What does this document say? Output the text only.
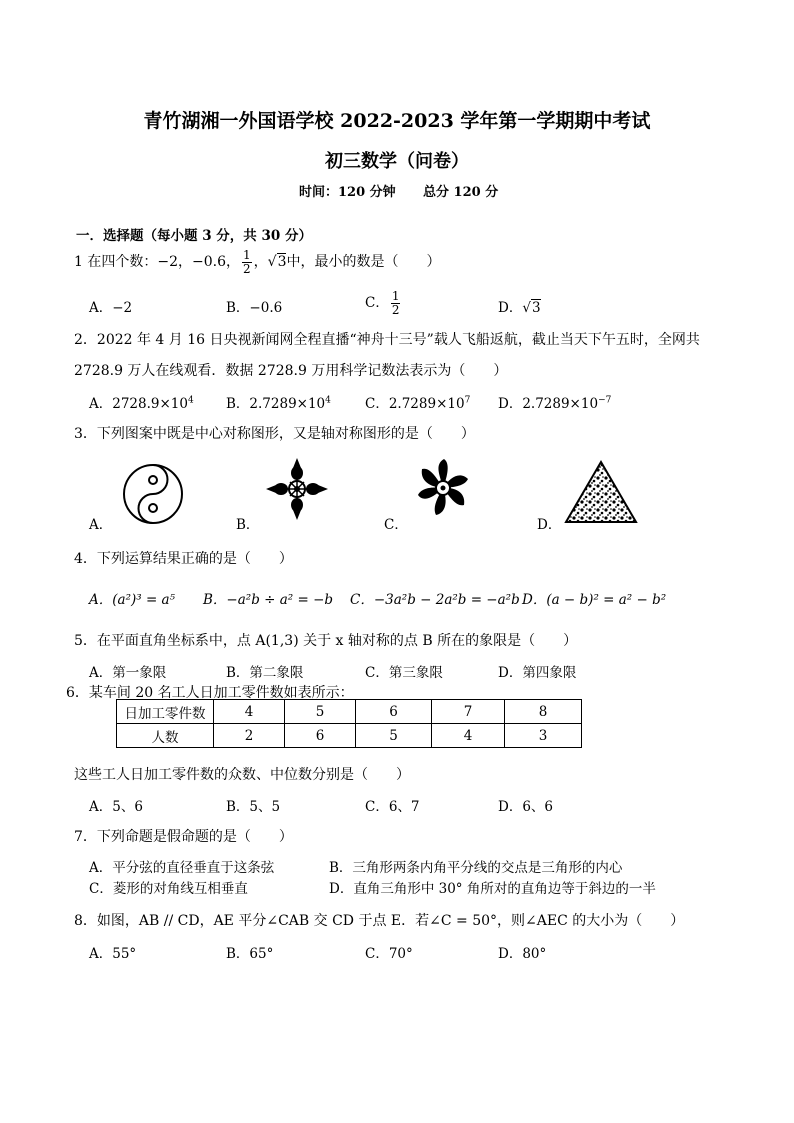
青竹湖湘一外国语学校 2022-2023 学年第一学期期中考试
初三数学（问卷）
时间：120 分钟 总分 120 分
一．选择题（每小题 3 分，共 30 分）
1 在四个数：−2，−0.6， $\frac{1}{2}$ ，√3中，最小的数是（　　）
A．−2	B．−0.6	C． $\frac{1}{2}$	D．√3
2．2022 年 4 月 16 日央视新闻网全程直播“神舟十三号”载人飞船返航，截止当天下午五时，全网共
2728.9 万人在线观看．数据 2728.9 万用科学记数法表示为（　　）
A．$2728.9\times 10^4$ B．$2.7289\times 10^4$	C．$2.7289\times 10^7$ D．$2.7289\times 10^{-7}$
3．下列图案中既是中心对称图形，又是轴对称图形的是（　　）
A．	B．	C．	D．
4．下列运算结果正确的是（　　）
A．(a²)³ = a⁵ B．−a²b ÷ a² = −b C．−3a²b − 2a²b = −a²b D．(a − b)² = a² − b²
5．在平面直角坐标系中，点 A(1,3) 关于 x 轴对称的点 B 所在的象限是（　　）
A．第一象限	B．第二象限	C．第三象限	D．第四象限
6．某车间 20 名工人日加工零件数如表所示：
日加工零件数	4	5	6	7	8
人数	2	6	5	4	3
这些工人日加工零件数的众数、中位数分别是（　　）
A．5、6	B．5、5	C．6、7	D．6、6
7．下列命题是假命题的是（　　）
A．平分弦的直径垂直于这条弦	B．三角形两条内角平分线的交点是三角形的内心
C．菱形的对角线互相垂直	D．直角三角形中 30° 角所对的直角边等于斜边的一半
8．如图，AB // CD，AE 平分∠CAB 交 CD 于点 E．若∠C = 50°，则∠AEC 的大小为（　　）
A．55°	B．65°	C．70°	D．80°
